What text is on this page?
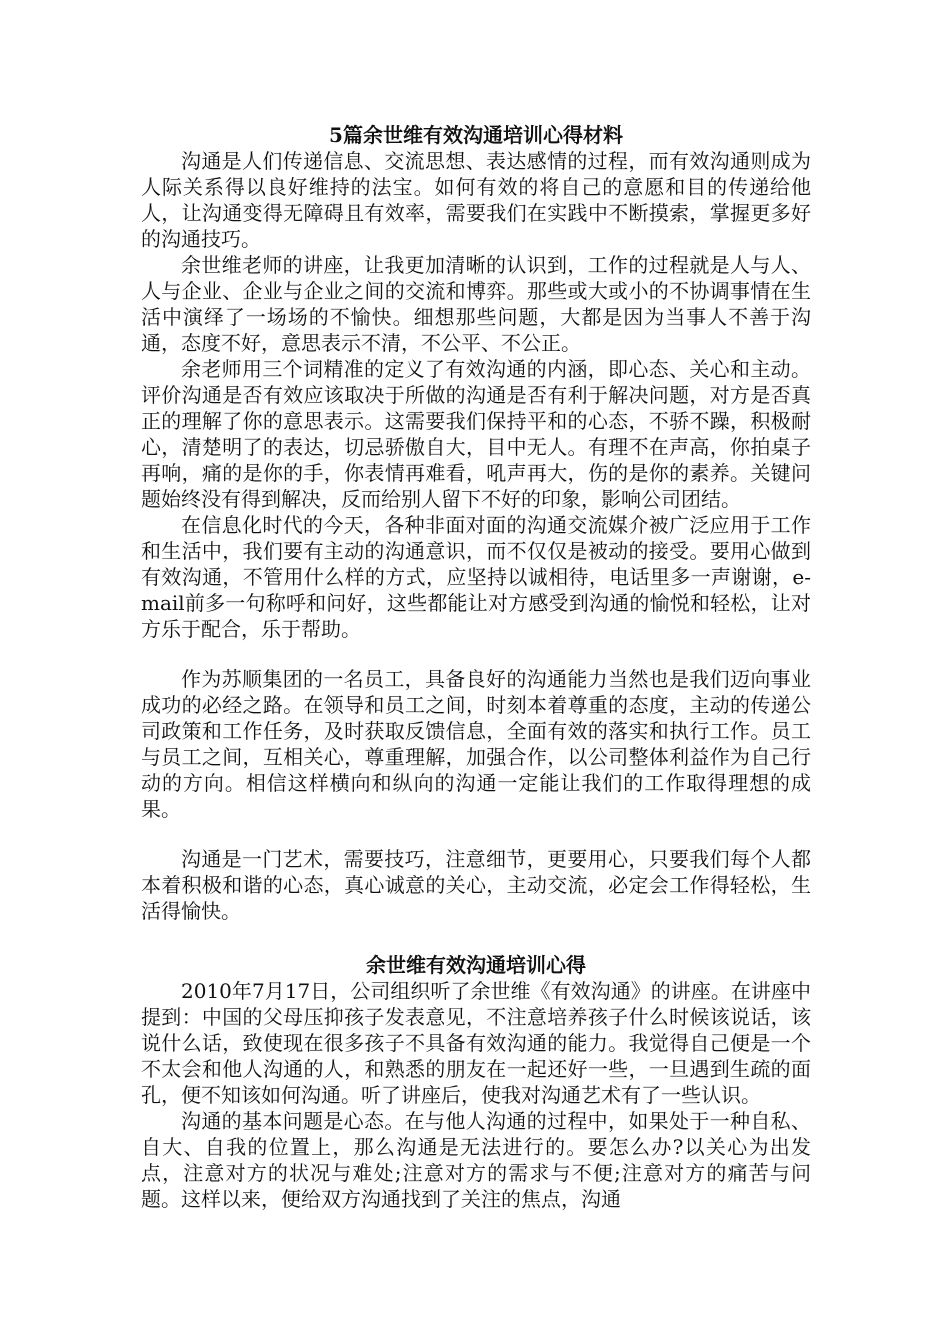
5篇余世维有效沟通培训心得材料

沟通是人们传递信息、交流思想、表达感情的过程，而有效沟通则成为人际关系得以良好维持的法宝。如何有效的将自己的意愿和目的传递给他人，让沟通变得无障碍且有效率，需要我们在实践中不断摸索，掌握更多好的沟通技巧。

余世维老师的讲座，让我更加清晰的认识到，工作的过程就是人与人、人与企业、企业与企业之间的交流和博弈。那些或大或小的不协调事情在生活中演绎了一场场的不愉快。细想那些问题，大都是因为当事人不善于沟通，态度不好，意思表示不清，不公平、不公正。

余老师用三个词精准的定义了有效沟通的内涵，即心态、关心和主动。评价沟通是否有效应该取决于所做的沟通是否有利于解决问题，对方是否真正的理解了你的意思表示。这需要我们保持平和的心态，不骄不躁，积极耐心，清楚明了的表达，切忌骄傲自大，目中无人。有理不在声高，你拍桌子再响，痛的是你的手，你表情再难看，吼声再大，伤的是你的素养。关键问题始终没有得到解决，反而给别人留下不好的印象，影响公司团结。

在信息化时代的今天，各种非面对面的沟通交流媒介被广泛应用于工作和生活中，我们要有主动的沟通意识，而不仅仅是被动的接受。要用心做到有效沟通，不管用什么样的方式，应坚持以诚相待，电话里多一声谢谢，e-mail前多一句称呼和问好，这些都能让对方感受到沟通的愉悦和轻松，让对方乐于配合，乐于帮助。

作为苏顺集团的一名员工，具备良好的沟通能力当然也是我们迈向事业成功的必经之路。在领导和员工之间，时刻本着尊重的态度，主动的传递公司政策和工作任务，及时获取反馈信息，全面有效的落实和执行工作。员工与员工之间，互相关心，尊重理解，加强合作，以公司整体利益作为自己行动的方向。相信这样横向和纵向的沟通一定能让我们的工作取得理想的成果。

沟通是一门艺术，需要技巧，注意细节，更要用心，只要我们每个人都本着积极和谐的心态，真心诚意的关心，主动交流，必定会工作得轻松，生活得愉快。

余世维有效沟通培训心得

2010年7月17日，公司组织听了余世维《有效沟通》的讲座。在讲座中提到：中国的父母压抑孩子发表意见，不注意培养孩子什么时候该说话，该说什么话，致使现在很多孩子不具备有效沟通的能力。我觉得自己便是一个不太会和他人沟通的人，和熟悉的朋友在一起还好一些，一旦遇到生疏的面孔，便不知该如何沟通。听了讲座后，使我对沟通艺术有了一些认识。

沟通的基本问题是心态。在与他人沟通的过程中，如果处于一种自私、自大、自我的位置上，那么沟通是无法进行的。要怎么办?以关心为出发点，注意对方的状况与难处;注意对方的需求与不便;注意对方的痛苦与问题。这样以来，便给双方沟通找到了关注的焦点，沟通
